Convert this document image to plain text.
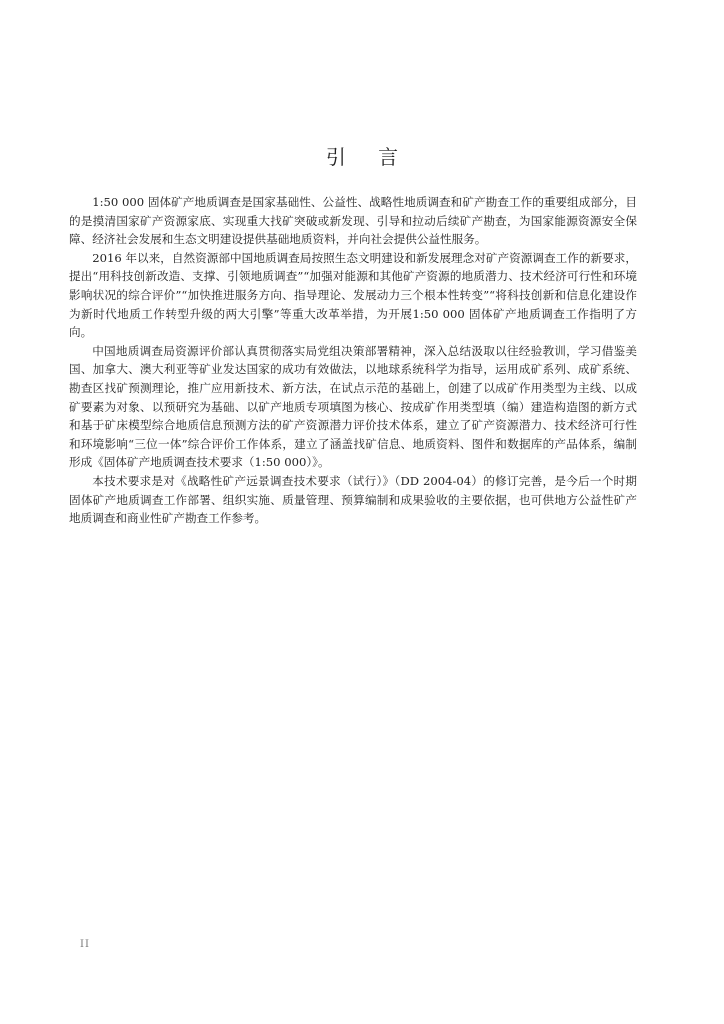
引 言

1:50 000 固体矿产地质调查是国家基础性、公益性、战略性地质调查和矿产勘查工作的重要组成部分，目的是摸清国家矿产资源家底、实现重大找矿突破或新发现、引导和拉动后续矿产勘查，为国家能源资源安全保障、经济社会发展和生态文明建设提供基础地质资料，并向社会提供公益性服务。

2016 年以来，自然资源部中国地质调查局按照生态文明建设和新发展理念对矿产资源调查工作的新要求，提出“用科技创新改造、支撑、引领地质调查”“加强对能源和其他矿产资源的地质潜力、技术经济可行性和环境影响状况的综合评价”“加快推进服务方向、指导理论、发展动力三个根本性转变”“将科技创新和信息化建设作为新时代地质工作转型升级的两大引擎”等重大改革举措，为开展1:50 000 固体矿产地质调查工作指明了方向。

中国地质调查局资源评价部认真贯彻落实局党组决策部署精神，深入总结汲取以往经验教训，学习借鉴美国、加拿大、澳大利亚等矿业发达国家的成功有效做法，以地球系统科学为指导，运用成矿系列、成矿系统、勘查区找矿预测理论，推广应用新技术、新方法，在试点示范的基础上，创建了以成矿作用类型为主线、以成矿要素为对象、以预研究为基础、以矿产地质专项填图为核心、按成矿作用类型填（编）建造构造图的新方式和基于矿床模型综合地质信息预测方法的矿产资源潜力评价技术体系，建立了矿产资源潜力、技术经济可行性和环境影响“三位一体”综合评价工作体系，建立了涵盖找矿信息、地质资料、图件和数据库的产品体系，编制形成《固体矿产地质调查技术要求（1:50 000）》。

本技术要求是对《战略性矿产远景调查技术要求（试行）》（DD 2004-04）的修订完善，是今后一个时期固体矿产地质调查工作部署、组织实施、质量管理、预算编制和成果验收的主要依据，也可供地方公益性矿产地质调查和商业性矿产勘查工作参考。

II
